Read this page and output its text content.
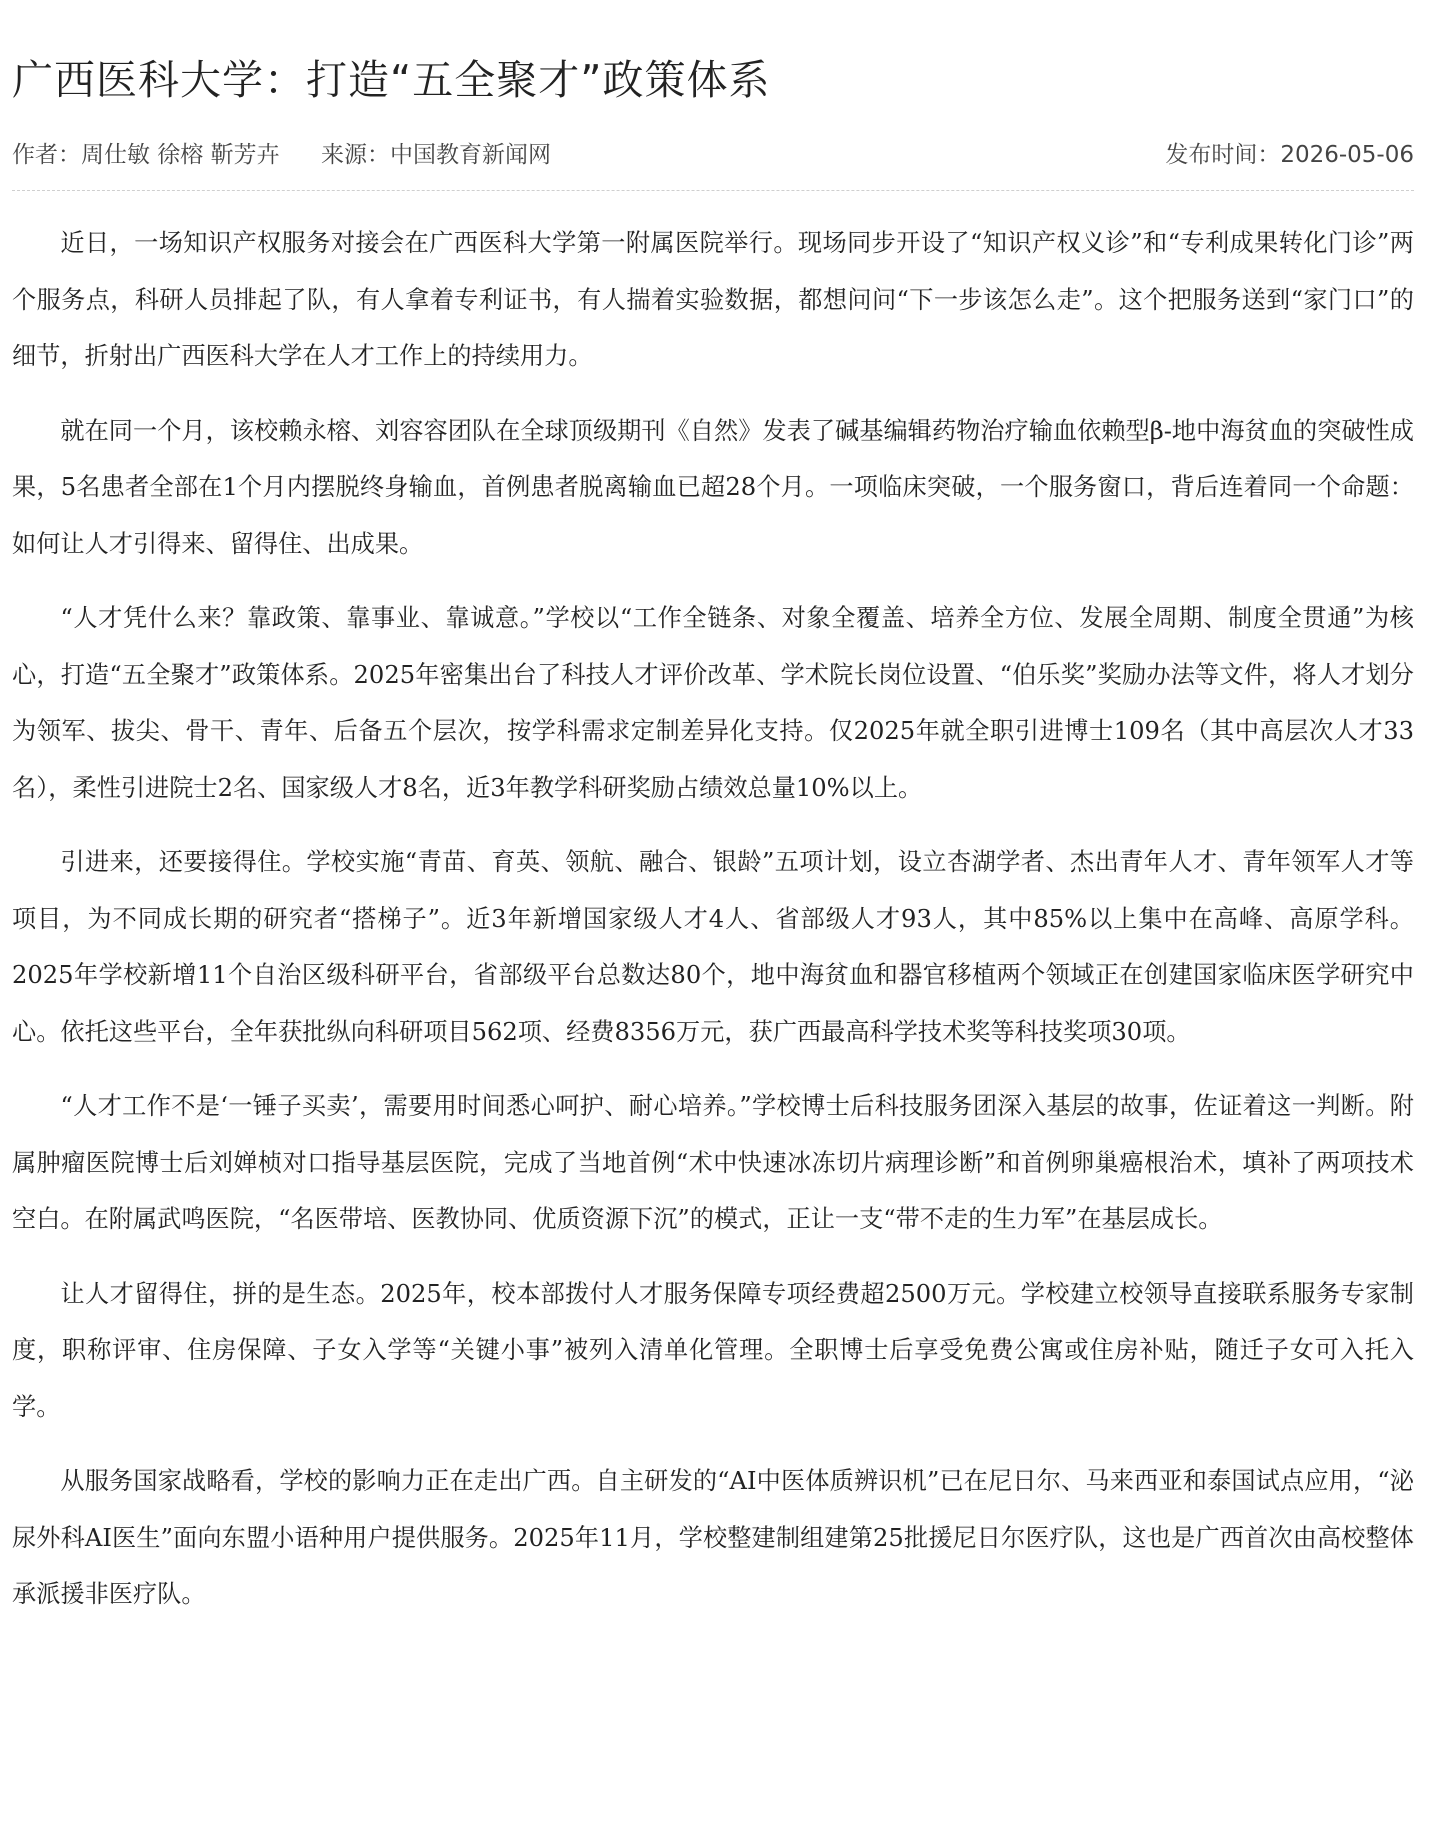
广西医科大学：打造“五全聚才”政策体系
作者：周仕敏 徐榕 靳芳卉 来源：中国教育新闻网	发布时间：2026-05-06

近日，一场知识产权服务对接会在广西医科大学第一附属医院举行。现场同步开设了“知识产权义诊”和“专利成果转化门诊”两个服务点，科研人员排起了队，有人拿着专利证书，有人揣着实验数据，都想问问“下一步该怎么走”。这个把服务送到“家门口”的细节，折射出广西医科大学在人才工作上的持续用力。

就在同一个月，该校赖永榕、刘容容团队在全球顶级期刊《自然》发表了碱基编辑药物治疗输血依赖型β-地中海贫血的突破性成果，5名患者全部在1个月内摆脱终身输血，首例患者脱离输血已超28个月。一项临床突破，一个服务窗口，背后连着同一个命题：如何让人才引得来、留得住、出成果。

“人才凭什么来？靠政策、靠事业、靠诚意。”学校以“工作全链条、对象全覆盖、培养全方位、发展全周期、制度全贯通”为核心，打造“五全聚才”政策体系。2025年密集出台了科技人才评价改革、学术院长岗位设置、“伯乐奖”奖励办法等文件，将人才划分为领军、拔尖、骨干、青年、后备五个层次，按学科需求定制差异化支持。仅2025年就全职引进博士109名（其中高层次人才33名），柔性引进院士2名、国家级人才8名，近3年教学科研奖励占绩效总量10%以上。

引进来，还要接得住。学校实施“青苗、育英、领航、融合、银龄”五项计划，设立杏湖学者、杰出青年人才、青年领军人才等项目，为不同成长期的研究者“搭梯子”。近3年新增国家级人才4人、省部级人才93人，其中85%以上集中在高峰、高原学科。2025年学校新增11个自治区级科研平台，省部级平台总数达80个，地中海贫血和器官移植两个领域正在创建国家临床医学研究中心。依托这些平台，全年获批纵向科研项目562项、经费8356万元，获广西最高科学技术奖等科技奖项30项。

“人才工作不是‘一锤子买卖’，需要用时间悉心呵护、耐心培养。”学校博士后科技服务团深入基层的故事，佐证着这一判断。附属肿瘤医院博士后刘婵桢对口指导基层医院，完成了当地首例“术中快速冰冻切片病理诊断”和首例卵巢癌根治术，填补了两项技术空白。在附属武鸣医院，“名医带培、医教协同、优质资源下沉”的模式，正让一支“带不走的生力军”在基层成长。

让人才留得住，拼的是生态。2025年，校本部拨付人才服务保障专项经费超2500万元。学校建立校领导直接联系服务专家制度，职称评审、住房保障、子女入学等“关键小事”被列入清单化管理。全职博士后享受免费公寓或住房补贴，随迁子女可入托入学。

从服务国家战略看，学校的影响力正在走出广西。自主研发的“AI中医体质辨识机”已在尼日尔、马来西亚和泰国试点应用，“泌尿外科AI医生”面向东盟小语种用户提供服务。2025年11月，学校整建制组建第25批援尼日尔医疗队，这也是广西首次由高校整体承派援非医疗队。
